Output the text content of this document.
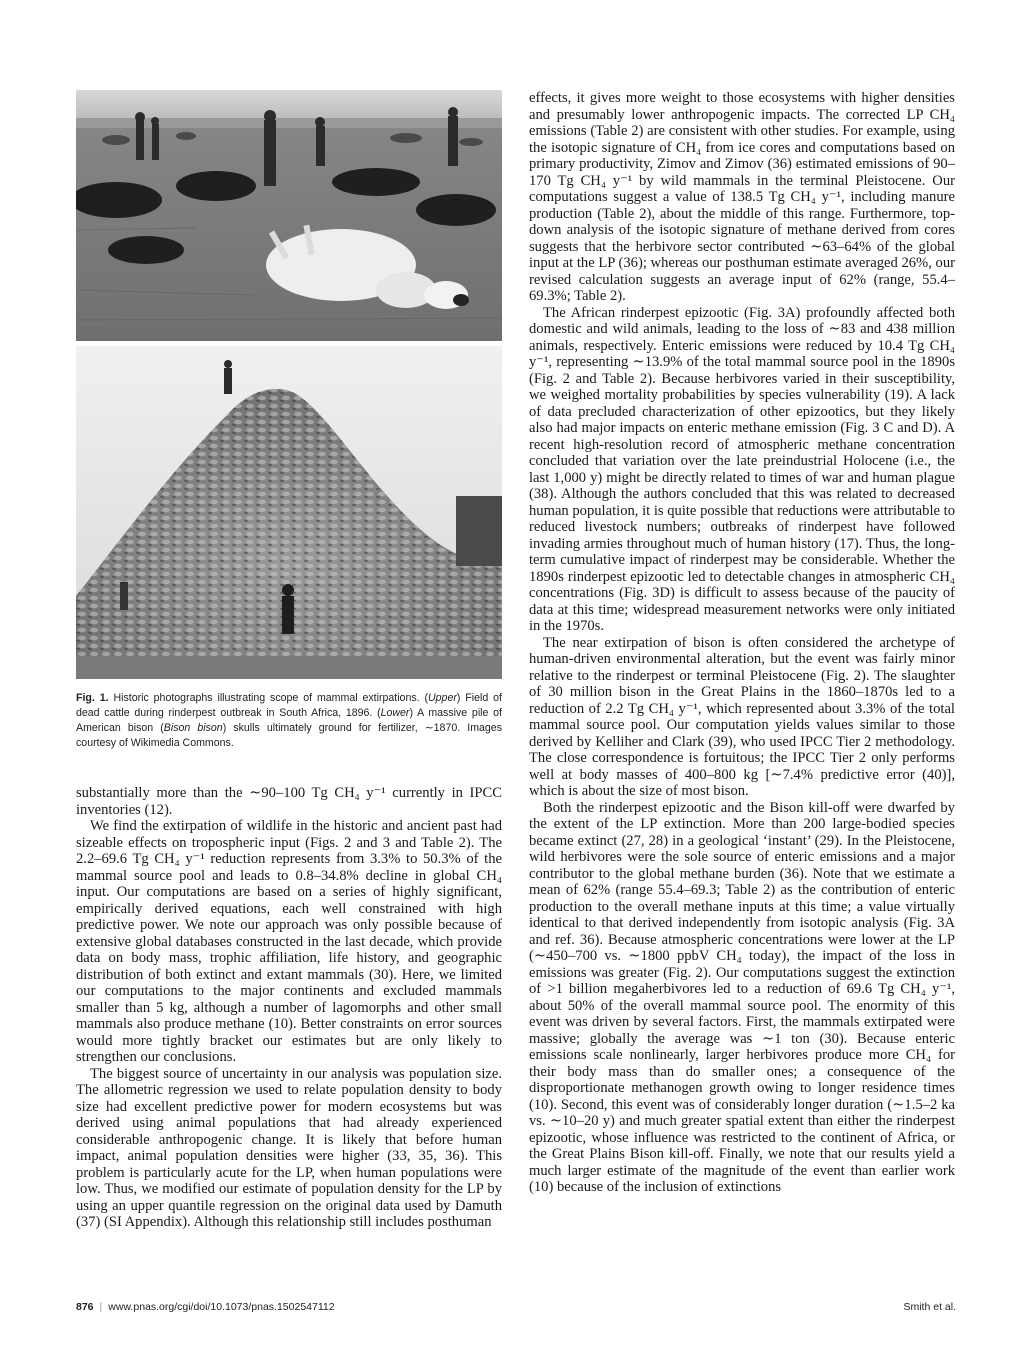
Fig. 1. Historic photographs illustrating scope of mammal extirpations. (Upper) Field of dead cattle during rinderpest outbreak in South Africa, 1896. (Lower) A massive pile of American bison (Bison bison) skulls ultimately ground for fertilizer, ∼1870. Images courtesy of Wikimedia Commons.

substantially more than the ∼90–100 Tg CH₄ y⁻¹ currently in IPCC inventories (12).

We find the extirpation of wildlife in the historic and ancient past had sizeable effects on tropospheric input (Figs. 2 and 3 and Table 2). The 2.2–69.6 Tg CH₄ y⁻¹ reduction represents from 3.3% to 50.3% of the mammal source pool and leads to 0.8–34.8% decline in global CH₄ input. Our computations are based on a series of highly significant, empirically derived equations, each well constrained with high predictive power. We note our approach was only possible because of extensive global databases constructed in the last decade, which provide data on body mass, trophic affiliation, life history, and geographic distribution of both extinct and extant mammals (30). Here, we limited our computations to the major continents and excluded mammals smaller than 5 kg, although a number of lagomorphs and other small mammals also produce methane (10). Better constraints on error sources would more tightly bracket our estimates but are only likely to strengthen our conclusions.

The biggest source of uncertainty in our analysis was population size. The allometric regression we used to relate population density to body size had excellent predictive power for modern ecosystems but was derived using animal populations that had already experienced considerable anthropogenic change. It is likely that before human impact, animal population densities were higher (33, 35, 36). This problem is particularly acute for the LP, when human populations were low. Thus, we modified our estimate of population density for the LP by using an upper quantile regression on the original data used by Damuth (37) (SI Appendix). Although this relationship still includes posthuman

effects, it gives more weight to those ecosystems with higher densities and presumably lower anthropogenic impacts. The corrected LP CH₄ emissions (Table 2) are consistent with other studies. For example, using the isotopic signature of CH₄ from ice cores and computations based on primary productivity, Zimov and Zimov (36) estimated emissions of 90–170 Tg CH₄ y⁻¹ by wild mammals in the terminal Pleistocene. Our computations suggest a value of 138.5 Tg CH₄ y⁻¹, including manure production (Table 2), about the middle of this range. Furthermore, top-down analysis of the isotopic signature of methane derived from cores suggests that the herbivore sector contributed ∼63–64% of the global input at the LP (36); whereas our posthuman estimate averaged 26%, our revised calculation suggests an average input of 62% (range, 55.4–69.3%; Table 2).

The African rinderpest epizootic (Fig. 3A) profoundly affected both domestic and wild animals, leading to the loss of ∼83 and 438 million animals, respectively. Enteric emissions were reduced by 10.4 Tg CH₄ y⁻¹, representing ∼13.9% of the total mammal source pool in the 1890s (Fig. 2 and Table 2). Because herbivores varied in their susceptibility, we weighed mortality probabilities by species vulnerability (19). A lack of data precluded characterization of other epizootics, but they likely also had major impacts on enteric methane emission (Fig. 3 C and D). A recent high-resolution record of atmospheric methane concentration concluded that variation over the late preindustrial Holocene (i.e., the last 1,000 y) might be directly related to times of war and human plague (38). Although the authors concluded that this was related to decreased human population, it is quite possible that reductions were attributable to reduced livestock numbers; outbreaks of rinderpest have followed invading armies throughout much of human history (17). Thus, the long-term cumulative impact of rinderpest may be considerable. Whether the 1890s rinderpest epizootic led to detectable changes in atmospheric CH₄ concentrations (Fig. 3D) is difficult to assess because of the paucity of data at this time; widespread measurement networks were only initiated in the 1970s.

The near extirpation of bison is often considered the archetype of human-driven environmental alteration, but the event was fairly minor relative to the rinderpest or terminal Pleistocene (Fig. 2). The slaughter of 30 million bison in the Great Plains in the 1860–1870s led to a reduction of 2.2 Tg CH₄ y⁻¹, which represented about 3.3% of the total mammal source pool. Our computation yields values similar to those derived by Kelliher and Clark (39), who used IPCC Tier 2 methodology. The close correspondence is fortuitous; the IPCC Tier 2 only performs well at body masses of 400–800 kg [∼7.4% predictive error (40)], which is about the size of most bison.

Both the rinderpest epizootic and the Bison kill-off were dwarfed by the extent of the LP extinction. More than 200 large-bodied species became extinct (27, 28) in a geological ‘instant’ (29). In the Pleistocene, wild herbivores were the sole source of enteric emissions and a major contributor to the global methane burden (36). Note that we estimate a mean of 62% (range 55.4–69.3; Table 2) as the contribution of enteric production to the overall methane inputs at this time; a value virtually identical to that derived independently from isotopic analysis (Fig. 3A and ref. 36). Because atmospheric concentrations were lower at the LP (∼450–700 vs. ∼1800 ppbV CH₄ today), the impact of the loss in emissions was greater (Fig. 2). Our computations suggest the extinction of >1 billion megaherbivores led to a reduction of 69.6 Tg CH₄ y⁻¹, about 50% of the overall mammal source pool. The enormity of this event was driven by several factors. First, the mammals extirpated were massive; globally the average was ∼1 ton (30). Because enteric emissions scale nonlinearly, larger herbivores produce more CH₄ for their body mass than do smaller ones; a consequence of the disproportionate methanogen growth owing to longer residence times (10). Second, this event was of considerably longer duration (∼1.5–2 ka vs. ∼10–20 y) and much greater spatial extent than either the rinderpest epizootic, whose influence was restricted to the continent of Africa, or the Great Plains Bison kill-off. Finally, we note that our results yield a much larger estimate of the magnitude of the event than earlier work (10) because of the inclusion of extinctions

876 | www.pnas.org/cgi/doi/10.1073/pnas.1502547112	Smith et al.
